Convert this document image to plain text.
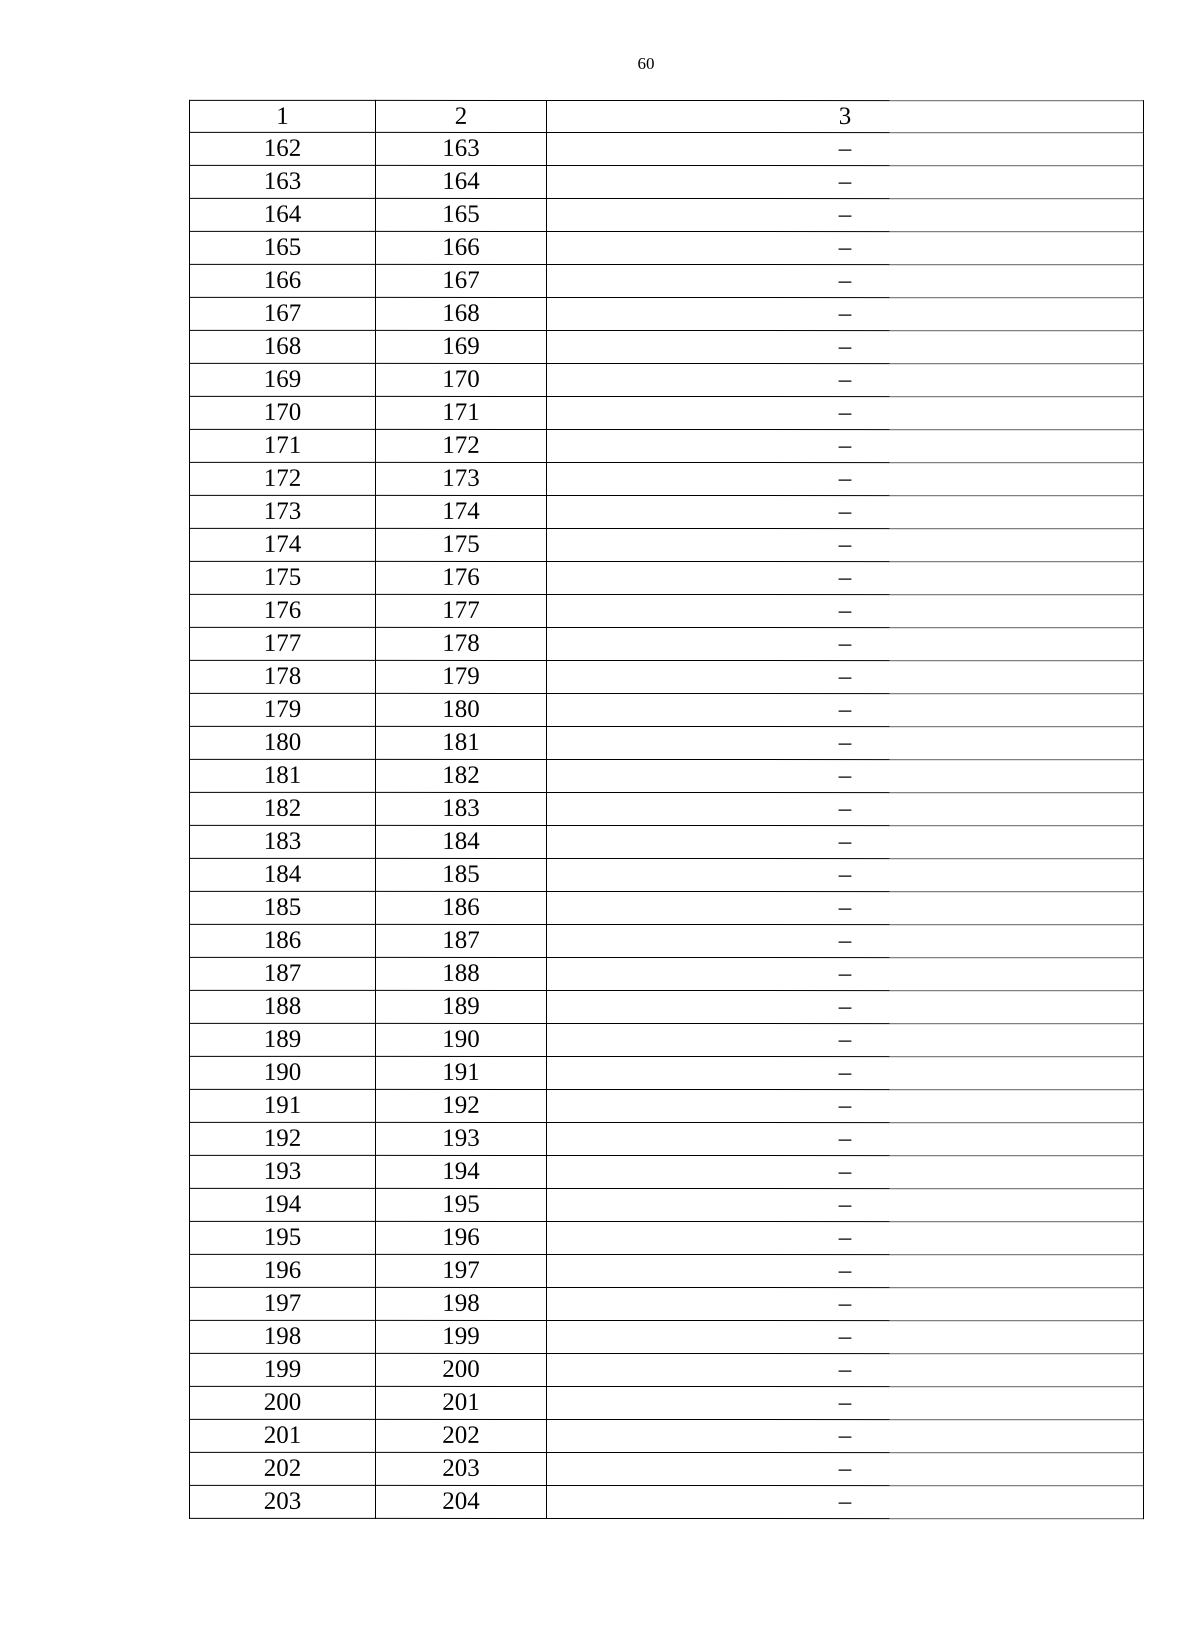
60
1	2	3
162	163	–
163	164	–
164	165	–
165	166	–
166	167	–
167	168	–
168	169	–
169	170	–
170	171	–
171	172	–
172	173	–
173	174	–
174	175	–
175	176	–
176	177	–
177	178	–
178	179	–
179	180	–
180	181	–
181	182	–
182	183	–
183	184	–
184	185	–
185	186	–
186	187	–
187	188	–
188	189	–
189	190	–
190	191	–
191	192	–
192	193	–
193	194	–
194	195	–
195	196	–
196	197	–
197	198	–
198	199	–
199	200	–
200	201	–
201	202	–
202	203	–
203	204	–
